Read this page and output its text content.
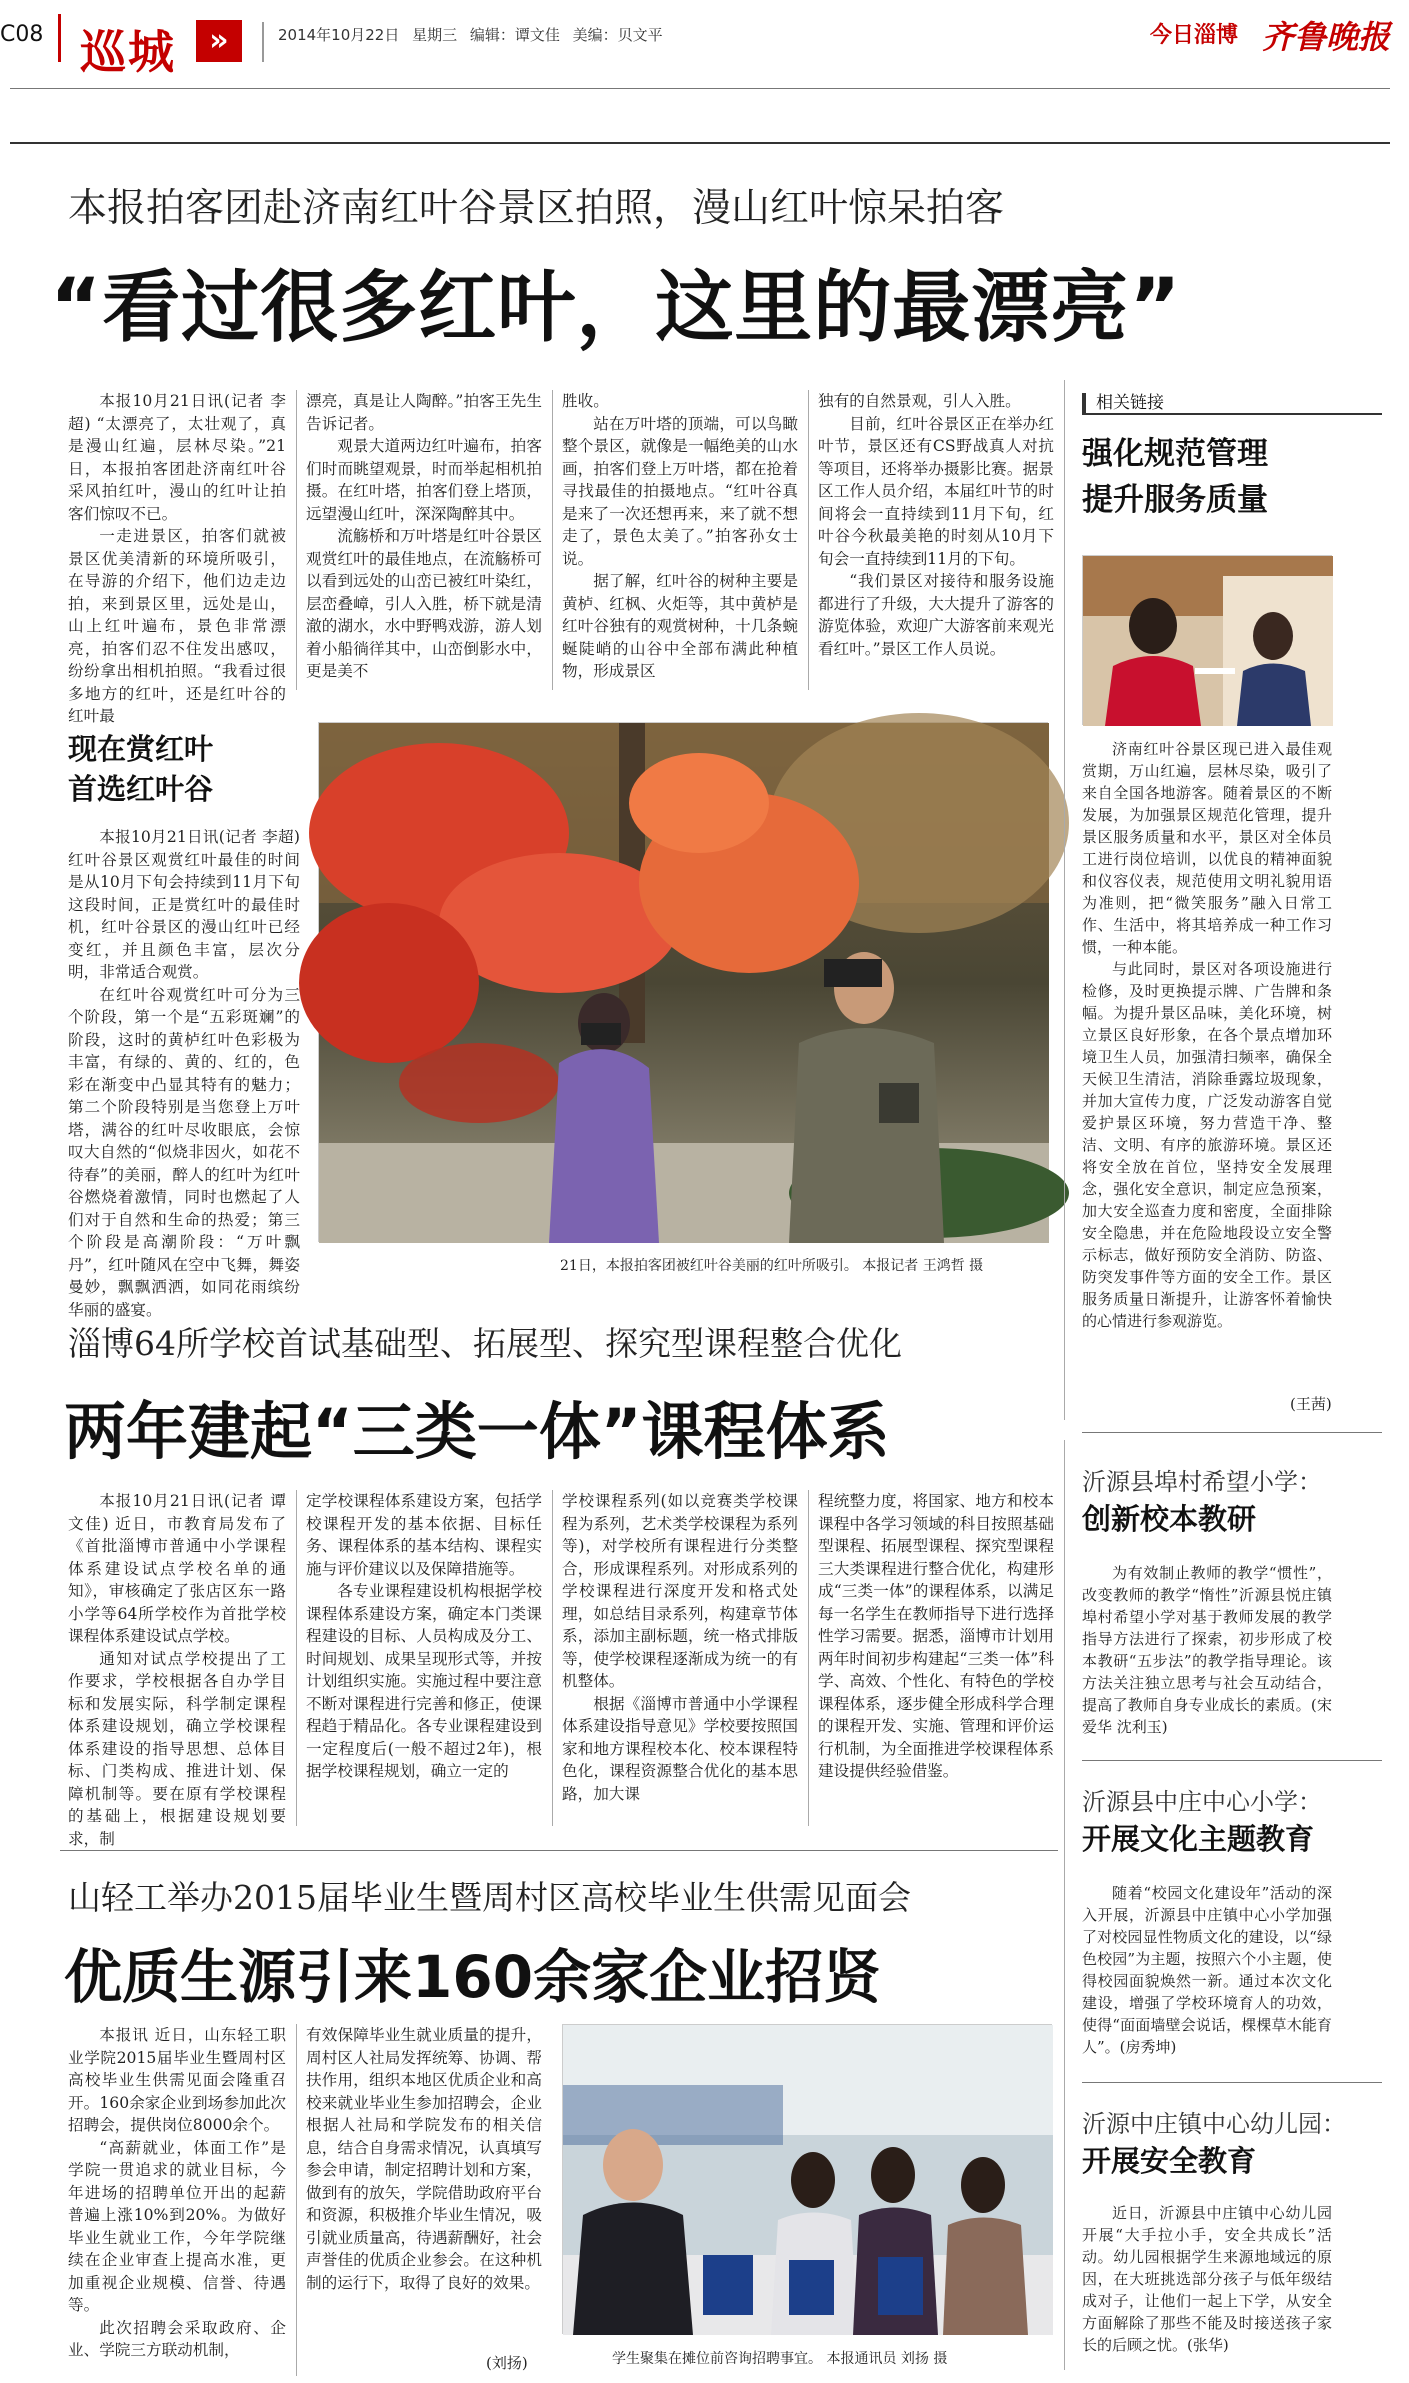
C08 巡城	»	2014年10月22日 星期三 编辑：谭文佳 美编：贝文平	今日淄博 齐鲁晚报
本报拍客团赴济南红叶谷景区拍照，漫山红叶惊呆拍客
“看过很多红叶，这里的最漂亮”

本报10月21日讯(记者 李超) “太漂亮了，太壮观了，真是漫山红遍，层林尽染。”21日，本报拍客团赴济南红叶谷采风拍红叶，漫山的红叶让拍客们惊叹不已。

一走进景区，拍客们就被景区优美清新的环境所吸引，在导游的介绍下，他们边走边拍，来到景区里，远处是山，山上红叶遍布，景色非常漂亮，拍客们忍不住发出感叹，纷纷拿出相机拍照。“我看过很多地方的红叶，还是红叶谷的红叶最

漂亮，真是让人陶醉。”拍客王先生告诉记者。

观景大道两边红叶遍布，拍客们时而眺望观景，时而举起相机拍摄。在红叶塔，拍客们登上塔顶，远望漫山红叶，深深陶醉其中。

流觞桥和万叶塔是红叶谷景区观赏红叶的最佳地点，在流觞桥可以看到远处的山峦已被红叶染红，层峦叠嶂，引人入胜，桥下就是清澈的湖水，水中野鸭戏游，游人划着小船徜徉其中，山峦倒影水中，更是美不

胜收。

站在万叶塔的顶端，可以鸟瞰整个景区，就像是一幅绝美的山水画，拍客们登上万叶塔，都在抢着寻找最佳的拍摄地点。“红叶谷真是来了一次还想再来，来了就不想走了，景色太美了。”拍客孙女士说。

据了解，红叶谷的树种主要是黄栌、红枫、火炬等，其中黄栌是红叶谷独有的观赏树种，十几条蜿蜒陡峭的山谷中全部布满此种植物，形成景区

独有的自然景观，引人入胜。

目前，红叶谷景区正在举办红叶节，景区还有CS野战真人对抗等项目，还将举办摄影比赛。据景区工作人员介绍，本届红叶节的时间将会一直持续到11月下旬，红叶谷今秋最美艳的时刻从10月下旬会一直持续到11月的下旬。

“我们景区对接待和服务设施都进行了升级，大大提升了游客的游览体验，欢迎广大游客前来观光看红叶。”景区工作人员说。

现在赏红叶
首选红叶谷

本报10月21日讯(记者 李超) 红叶谷景区观赏红叶最佳的时间是从10月下旬会持续到11月下旬这段时间，正是赏红叶的最佳时机，红叶谷景区的漫山红叶已经变红，并且颜色丰富，层次分明，非常适合观赏。

在红叶谷观赏红叶可分为三个阶段，第一个是“五彩斑斓”的阶段，这时的黄栌红叶色彩极为丰富，有绿的、黄的、红的，色彩在渐变中凸显其特有的魅力；第二个阶段特别是当您登上万叶塔，满谷的红叶尽收眼底，会惊叹大自然的“似烧非因火，如花不待春”的美丽，醉人的红叶为红叶谷燃烧着激情，同时也燃起了人们对于自然和生命的热爱；第三个阶段是高潮阶段：“万叶飘丹”，红叶随风在空中飞舞，舞姿曼妙，飘飘洒洒，如同花雨缤纷华丽的盛宴。

21日，本报拍客团被红叶谷美丽的红叶所吸引。 本报记者 王鸿哲 摄
相关链接
强化规范管理
提升服务质量

济南红叶谷景区现已进入最佳观赏期，万山红遍，层林尽染，吸引了来自全国各地游客。随着景区的不断发展，为加强景区规范化管理，提升景区服务质量和水平，景区对全体员工进行岗位培训，以优良的精神面貌和仪容仪表，规范使用文明礼貌用语为准则，把“微笑服务”融入日常工作、生活中，将其培养成一种工作习惯，一种本能。

与此同时，景区对各项设施进行检修，及时更换提示牌、广告牌和条幅。为提升景区品味，美化环境，树立景区良好形象，在各个景点增加环境卫生人员，加强清扫频率，确保全天候卫生清洁，消除垂露垃圾现象，并加大宣传力度，广泛发动游客自觉爱护景区环境，努力营造干净、整洁、文明、有序的旅游环境。景区还将安全放在首位，坚持安全发展理念，强化安全意识，制定应急预案，加大安全巡查力度和密度，全面排除安全隐患，并在危险地段设立安全警示标志，做好预防安全消防、防盗、防突发事件等方面的安全工作。景区服务质量日渐提升，让游客怀着愉快的心情进行参观游览。

(王茜)
淄博64所学校首试基础型、拓展型、探究型课程整合优化
两年建起“三类一体”课程体系

本报10月21日讯(记者 谭文佳) 近日，市教育局发布了《首批淄博市普通中小学课程体系建设试点学校名单的通知》，审核确定了张店区东一路小学等64所学校作为首批学校课程体系建设试点学校。

通知对试点学校提出了工作要求，学校根据各自办学目标和发展实际，科学制定课程体系建设规划，确立学校课程体系建设的指导思想、总体目标、门类构成、推进计划、保障机制等。要在原有学校课程的基础上，根据建设规划要求，制

定学校课程体系建设方案，包括学校课程开发的基本依据、目标任务、课程体系的基本结构、课程实施与评价建议以及保障措施等。

各专业课程建设机构根据学校课程体系建设方案，确定本门类课程建设的目标、人员构成及分工、时间规划、成果呈现形式等，并按计划组织实施。实施过程中要注意不断对课程进行完善和修正，使课程趋于精品化。各专业课程建设到一定程度后(一般不超过2年)，根据学校课程规划，确立一定的

学校课程系列(如以竞赛类学校课程为系列，艺术类学校课程为系列等)，对学校所有课程进行分类整合，形成课程系列。对形成系列的学校课程进行深度开发和格式处理，如总结目录系列，构建章节体系，添加主副标题，统一格式排版等，使学校课程逐渐成为统一的有机整体。

根据《淄博市普通中小学课程体系建设指导意见》学校要按照国家和地方课程校本化、校本课程特色化，课程资源整合优化的基本思路，加大课

程统整力度，将国家、地方和校本课程中各学习领域的科目按照基础型课程、拓展型课程、探究型课程三大类课程进行整合优化，构建形成“三类一体”的课程体系，以满足每一名学生在教师指导下进行选择性学习需要。据悉，淄博市计划用两年时间初步构建起“三类一体”科学、高效、个性化、有特色的学校课程体系，逐步健全形成科学合理的课程开发、实施、管理和评价运行机制，为全面推进学校课程体系建设提供经验借鉴。

沂源县埠村希望小学：
创新校本教研

为有效制止教师的教学“惯性”，改变教师的教学“惰性”沂源县悦庄镇埠村希望小学对基于教师发展的教学指导方法进行了探索，初步形成了校本教研“五步法”的教学指导理论。该方法关注独立思考与社会互动结合，提高了教师自身专业成长的素质。(宋爱华 沈利玉)

沂源县中庄中心小学：
开展文化主题教育

随着“校园文化建设年”活动的深入开展，沂源县中庄镇中心小学加强了对校园显性物质文化的建设，以“绿色校园”为主题，按照六个小主题，使得校园面貌焕然一新。通过本次文化建设，增强了学校环境育人的功效，使得“面面墙壁会说话，棵棵草木能育人”。(房秀坤)

沂源中庄镇中心幼儿园：
开展安全教育

近日，沂源县中庄镇中心幼儿园开展“大手拉小手，安全共成长”活动。幼儿园根据学生来源地域远的原因，在大班挑选部分孩子与低年级结成对子，让他们一起上下学，从安全方面解除了那些不能及时接送孩子家长的后顾之忧。(张华)

山轻工举办2015届毕业生暨周村区高校毕业生供需见面会
优质生源引来160余家企业招贤

本报讯 近日，山东轻工职业学院2015届毕业生暨周村区高校毕业生供需见面会隆重召开。160余家企业到场参加此次招聘会，提供岗位8000余个。

“高薪就业，体面工作”是学院一贯追求的就业目标，今年进场的招聘单位开出的起薪普遍上涨10%到20%。为做好毕业生就业工作，今年学院继续在企业审查上提高水准，更加重视企业规模、信誉、待遇等。

此次招聘会采取政府、企业、学院三方联动机制，

有效保障毕业生就业质量的提升，周村区人社局发挥统筹、协调、帮扶作用，组织本地区优质企业和高校来就业毕业生参加招聘会，企业根据人社局和学院发布的相关信息，结合自身需求情况，认真填写参会申请，制定招聘计划和方案，做到有的放矢，学院借助政府平台和资源，积极推介毕业生情况，吸引就业质量高，待遇薪酬好，社会声誉佳的优质企业参会。在这种机制的运行下，取得了良好的效果。

(刘扬)	学生聚集在摊位前咨询招聘事宜。 本报通讯员 刘扬 摄
